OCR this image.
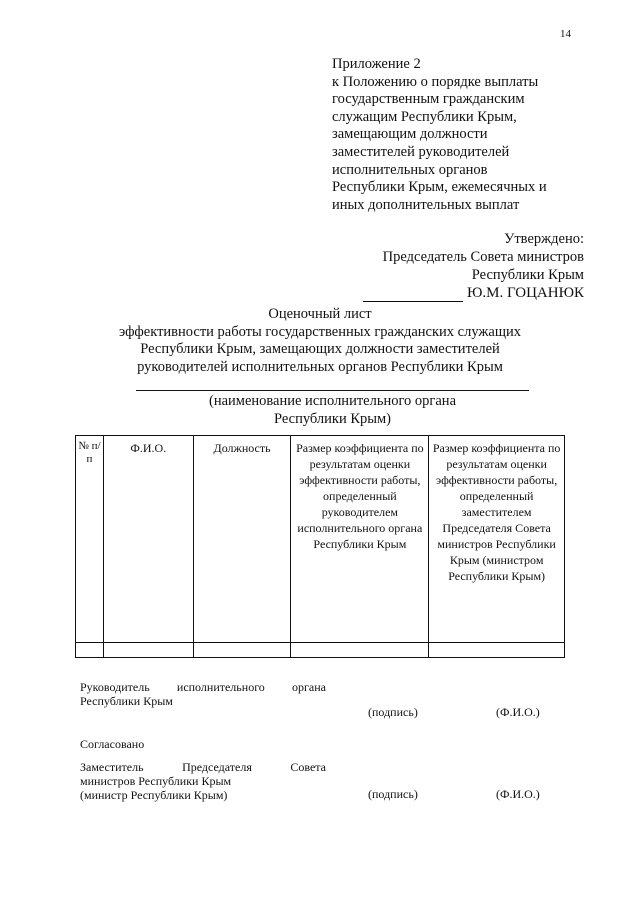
14
Приложение 2
к Положению о порядке выплаты
государственным гражданским
служащим Республики Крым,
замещающим должности
заместителей руководителей
исполнительных органов
Республики Крым, ежемесячных и
иных дополнительных выплат
Утверждено:
Председатель Совета министров
Республики Крым
Ю.М. ГОЦАНЮК
Оценочный лист
эффективности работы государственных гражданских служащих
Республики Крым, замещающих должности заместителей
руководителей исполнительных органов Республики Крым
(наименование исполнительного органа
Республики Крым)
№ п/п	Ф.И.О.	Должность	Размер коэффициента по результатам оценки эффективности работы, определенный руководителем исполнительного органа Республики Крым	Размер коэффициента по результатам оценки эффективности работы, определенный заместителем Председателя Совета министров Республики Крым (министром Республики Крым)

Руководитель исполнительного органа
Республики Крым
(подпись)	(Ф.И.О.)
Согласовано
Заместитель	Председателя	Совета
министров Республики Крым
(министр Республики Крым)	(подпись)	(Ф.И.О.)
